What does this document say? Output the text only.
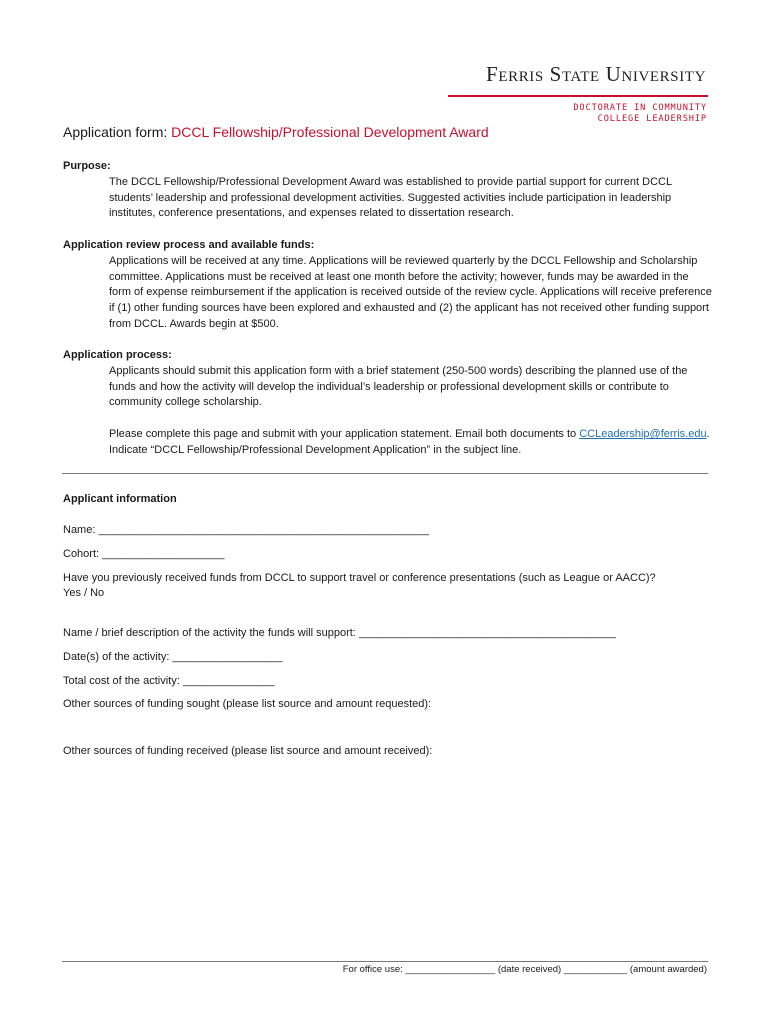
Ferris State University
DOCTORATE IN COMMUNITY
COLLEGE LEADERSHIP
Application form: DCCL Fellowship/Professional Development Award
Purpose:
The DCCL Fellowship/Professional Development Award was established to provide partial support for current DCCL students’ leadership and professional development activities. Suggested activities include participation in leadership institutes, conference presentations, and expenses related to dissertation research.
Application review process and available funds:
Applications will be received at any time. Applications will be reviewed quarterly by the DCCL Fellowship and Scholarship committee. Applications must be received at least one month before the activity; however, funds may be awarded in the form of expense reimbursement if the application is received outside of the review cycle. Applications will receive preference if (1) other funding sources have been explored and exhausted and (2) the applicant has not received other funding support from DCCL. Awards begin at $500.
Application process:
Applicants should submit this application form with a brief statement (250-500 words) describing the planned use of the funds and how the activity will develop the individual’s leadership or professional development skills or contribute to community college scholarship.
Please complete this page and submit with your application statement. Email both documents to CCLeadership@ferris.edu. Indicate “DCCL Fellowship/Professional Development Application” in the subject line.
Applicant information
Name: ______________________________________________________
Cohort: ____________________
Have you previously received funds from DCCL to support travel or conference presentations (such as League or AACC)?
Yes / No
Name / brief description of the activity the funds will support: __________________________________________
Date(s) of the activity: __________________
Total cost of the activity: _______________
Other sources of funding sought (please list source and amount requested):
Other sources of funding received (please list source and amount received):
For office use: _________________ (date received) ____________ (amount awarded)
